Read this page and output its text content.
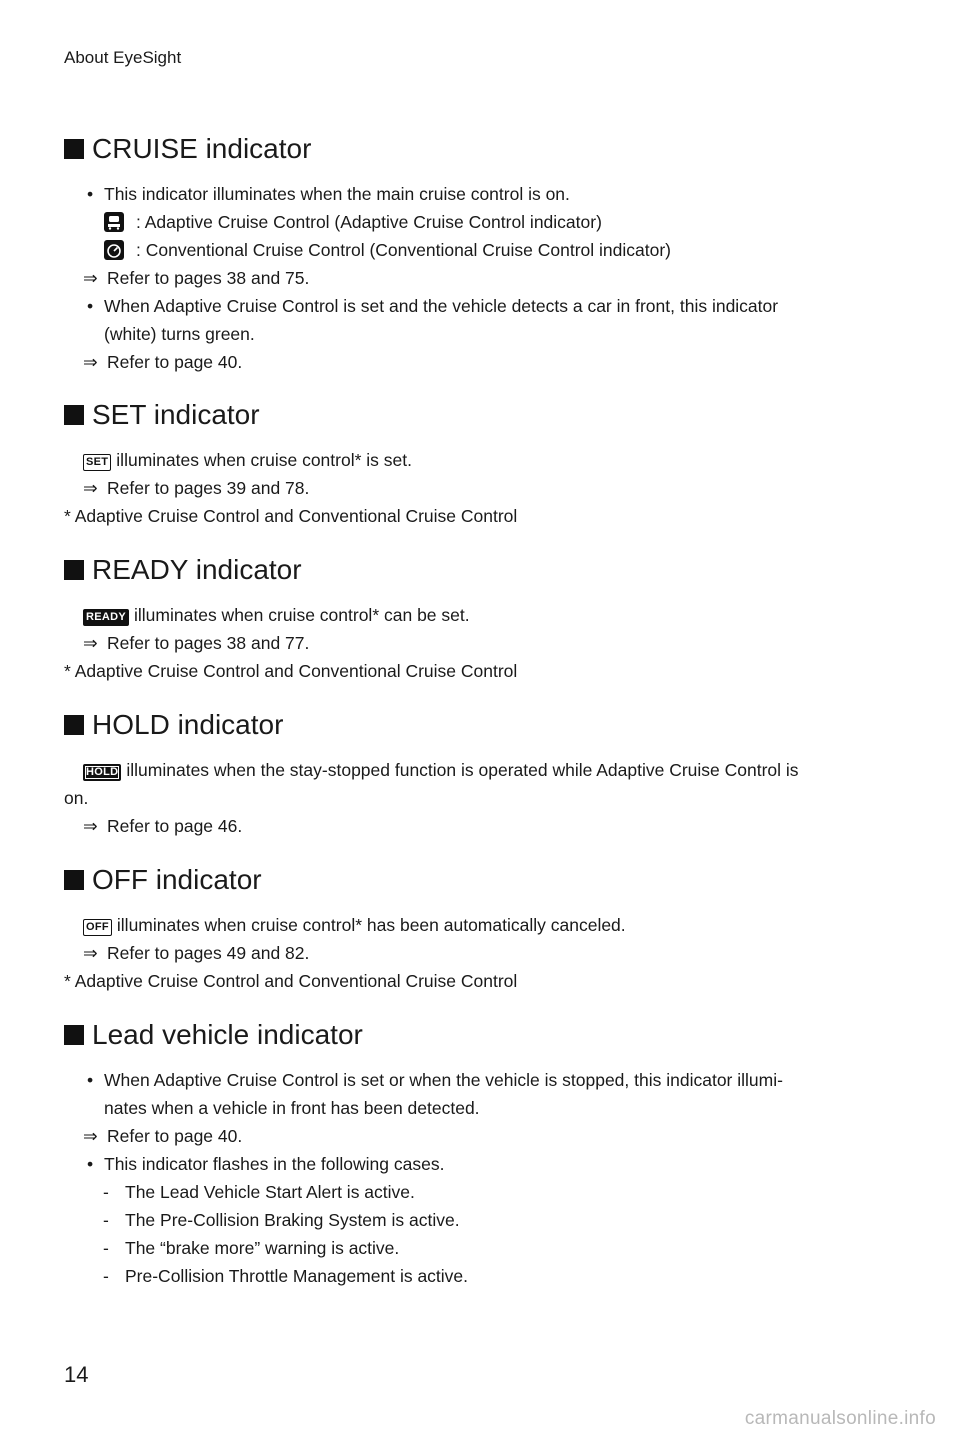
About EyeSight
CRUISE indicator
• This indicator illuminates when the main cruise control is on.
: Adaptive Cruise Control (Adaptive Cruise Control indicator)
: Conventional Cruise Control (Conventional Cruise Control indicator)
⇒ Refer to pages 38 and 75.
• When Adaptive Cruise Control is set and the vehicle detects a car in front, this indicator
(white) turns green.
⇒ Refer to page 40.
SET indicator
SET illuminates when cruise control* is set.
⇒ Refer to pages 39 and 78.
* Adaptive Cruise Control and Conventional Cruise Control
READY indicator
READY illuminates when cruise control* can be set.
⇒ Refer to pages 38 and 77.
* Adaptive Cruise Control and Conventional Cruise Control
HOLD indicator
HOLD illuminates when the stay-stopped function is operated while Adaptive Cruise Control is
on.
⇒ Refer to page 46.
OFF indicator
OFF illuminates when cruise control* has been automatically canceled.
⇒ Refer to pages 49 and 82.
* Adaptive Cruise Control and Conventional Cruise Control
Lead vehicle indicator
• When Adaptive Cruise Control is set or when the vehicle is stopped, this indicator illumi-
nates when a vehicle in front has been detected.
⇒ Refer to page 40.
• This indicator flashes in the following cases.
- The Lead Vehicle Start Alert is active.
- The Pre-Collision Braking System is active.
- The “brake more” warning is active.
- Pre-Collision Throttle Management is active.
14
carmanualsonline.info
